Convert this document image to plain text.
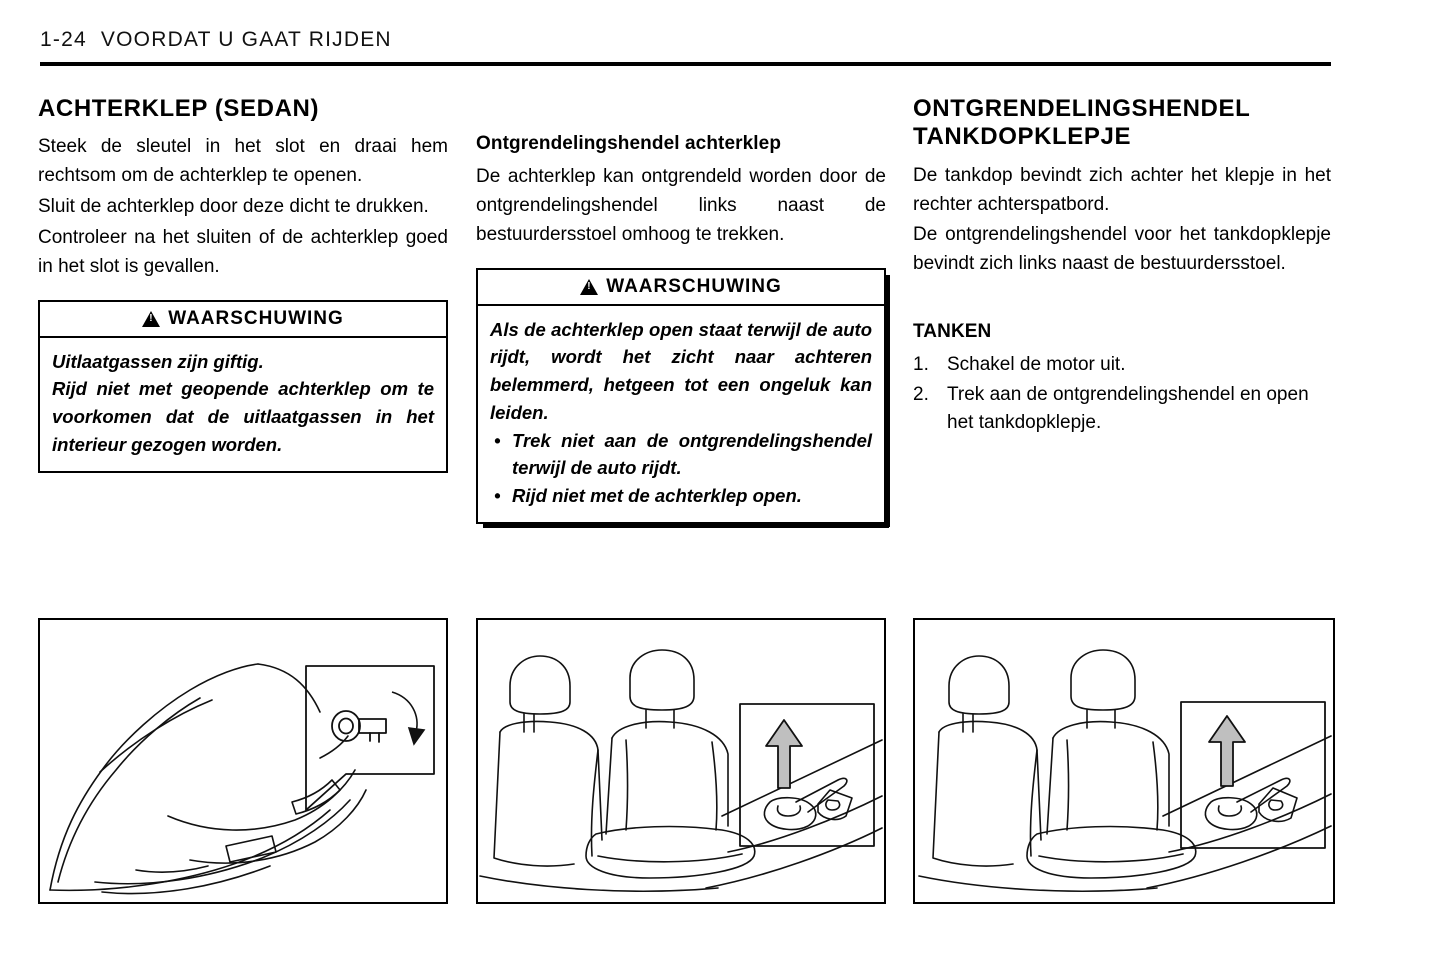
1-24 VOORDAT U GAAT RIJDEN
ACHTERKLEP (SEDAN)

Steek de sleutel in het slot en draai hem rechtsom om de achterklep te openen.

Sluit de achterklep door deze dicht te drukken.

Controleer na het sluiten of de achterklep goed in het slot is gevallen.

!
WAARSCHUWING

Uitlaatgassen zijn giftig.

Rijd niet met geopende achterklep om te voorkomen dat de uitlaatgassen in het interieur gezogen worden.

Ontgrendelingshendel achterklep

De achterklep kan ontgrendeld worden door de ontgrendelingshendel links naast de bestuurdersstoel omhoog te trekken.

!
WAARSCHUWING

Als de achterklep open staat terwijl de auto rijdt, wordt het zicht naar achteren belemmerd, hetgeen tot een ongeluk kan leiden.

• Trek niet aan de ontgrendelingshendel terwijl de auto rijdt.
• Rijd niet met de achterklep open.
ONTGRENDELINGSHENDEL
TANKDOPKLEPJE

De tankdop bevindt zich achter het klepje in het rechter achterspatbord.

De ontgrendelingshendel voor het tankdopklepje bevindt zich links naast de bestuurdersstoel.

TANKEN
1. Schakel de motor uit.
2. Trek aan de ontgrendelingshendel en open het tankdopklepje.
